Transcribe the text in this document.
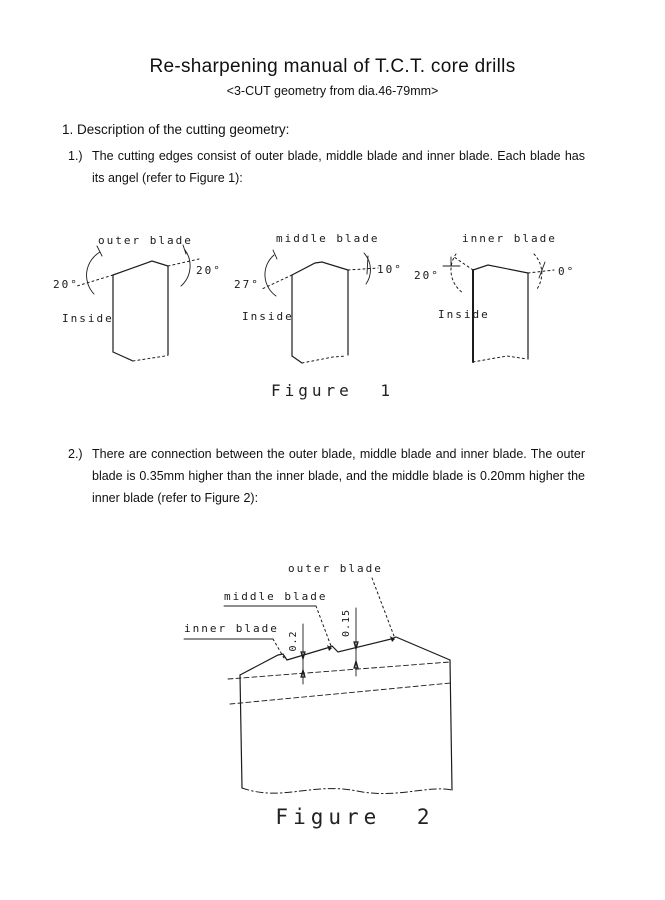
Re-sharpening manual of T.C.T. core drills
<3-CUT geometry from dia.46-79mm>
1. Description of the cutting geometry:
1.) The cutting edges consist of outer blade, middle blade and inner blade. Each blade has its angel (refer to Figure 1):
outer blade
20°
20°
Inside
middle blade
27°
10°
Inside
inner blade
20°	0°
Inside
Figure 1
2.) There are connection between the outer blade, middle blade and inner blade. The outer blade is 0.35mm higher than the inner blade, and the middle blade is 0.20mm higher the inner blade (refer to Figure 2):
outer blade
middle blade
inner blade
0.2
0.15
Figure 2
